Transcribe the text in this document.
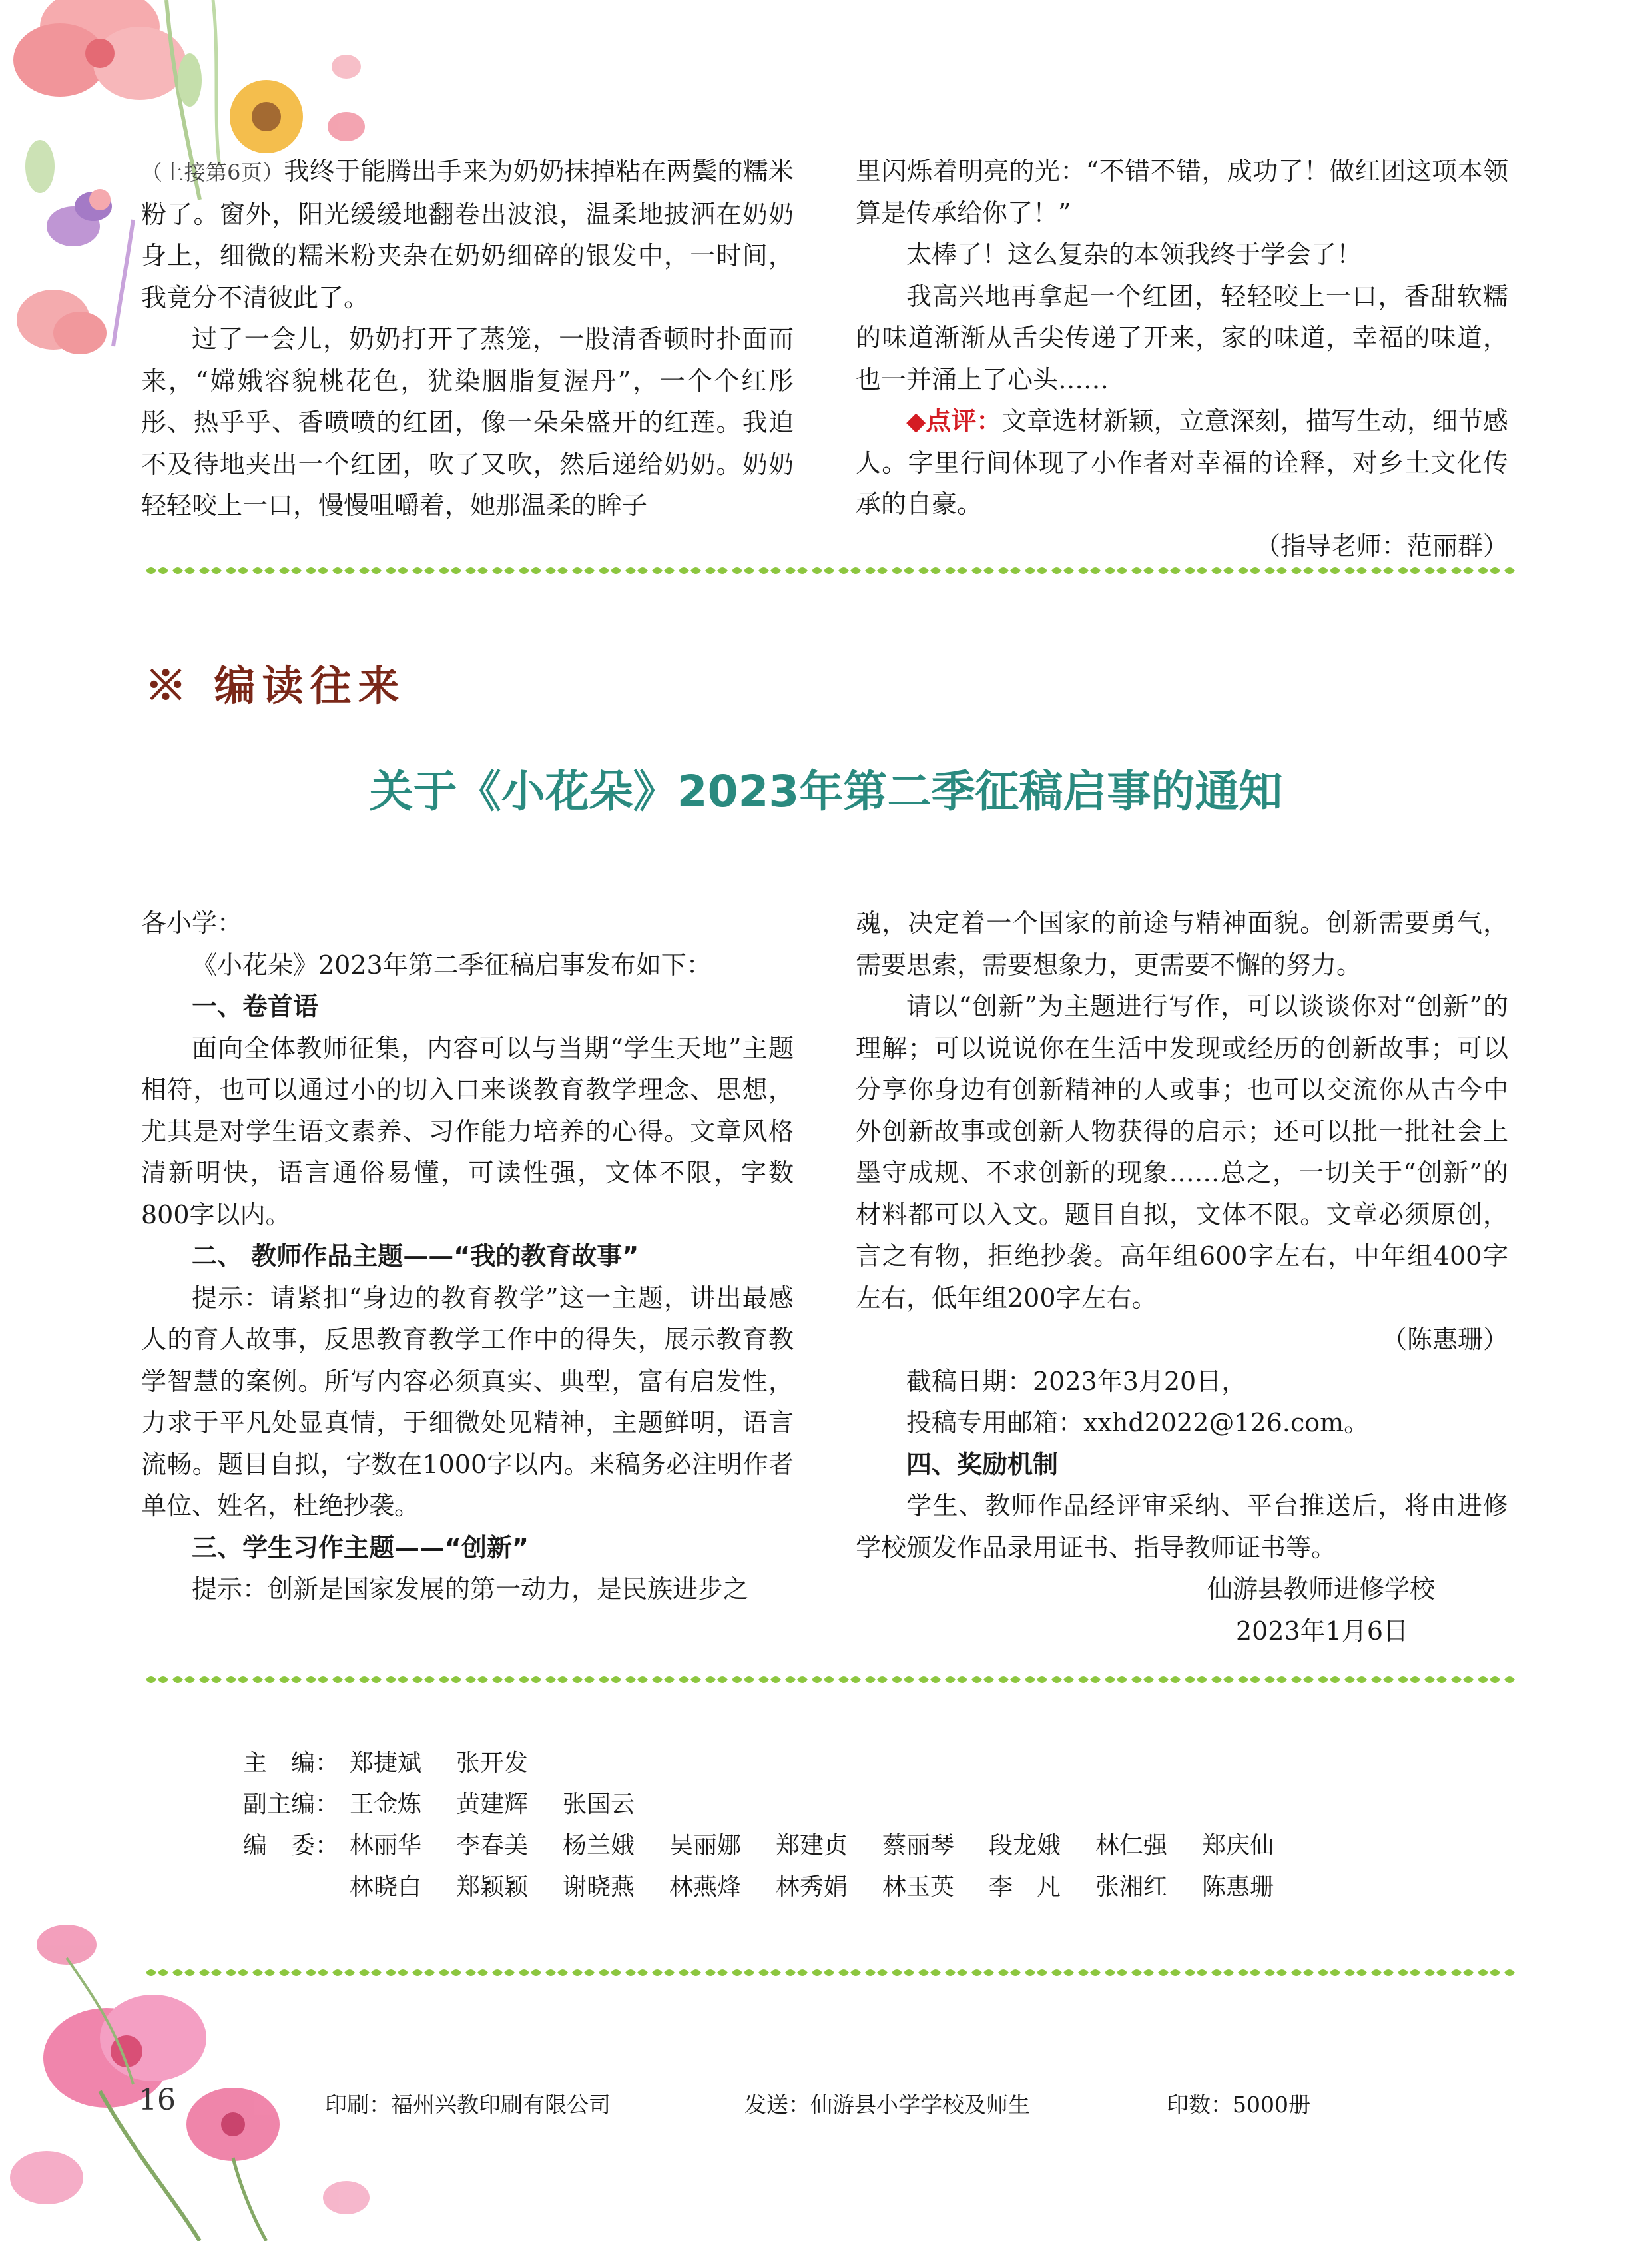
（上接第6页）我终于能腾出手来为奶奶抹掉粘在两鬓的糯米粉了。窗外，阳光缓缓地翻卷出波浪，温柔地披洒在奶奶身上，细微的糯米粉夹杂在奶奶细碎的银发中，一时间，我竟分不清彼此了。

过了一会儿，奶奶打开了蒸笼，一股清香顿时扑面而来，“嫦娥容貌桃花色，犹染胭脂复渥丹”，一个个红彤彤、热乎乎、香喷喷的红团，像一朵朵盛开的红莲。我迫不及待地夹出一个红团，吹了又吹，然后递给奶奶。奶奶轻轻咬上一口，慢慢咀嚼着，她那温柔的眸子

里闪烁着明亮的光：“不错不错，成功了！做红团这项本领算是传承给你了！”

太棒了！这么复杂的本领我终于学会了！

我高兴地再拿起一个红团，轻轻咬上一口，香甜软糯的味道渐渐从舌尖传递了开来，家的味道，幸福的味道，也一并涌上了心头……

◆点评：文章选材新颖，立意深刻，描写生动，细节感人。字里行间体现了小作者对幸福的诠释，对乡土文化传承的自豪。

（指导老师：范丽群）

※ 编读往来
关于《小花朵》2023年第二季征稿启事的通知

各小学：

《小花朵》2023年第二季征稿启事发布如下：

一、卷首语

面向全体教师征集，内容可以与当期“学生天地”主题相符，也可以通过小的切入口来谈教育教学理念、思想，尤其是对学生语文素养、习作能力培养的心得。文章风格清新明快，语言通俗易懂，可读性强，文体不限，字数800字以内。

二、 教师作品主题——“我的教育故事”

提示：请紧扣“身边的教育教学”这一主题，讲出最感人的育人故事，反思教育教学工作中的得失，展示教育教学智慧的案例。所写内容必须真实、典型，富有启发性，力求于平凡处显真情，于细微处见精神，主题鲜明，语言流畅。题目自拟，字数在1000字以内。来稿务必注明作者单位、姓名，杜绝抄袭。

三、学生习作主题——“创新”

提示：创新是国家发展的第一动力，是民族进步之

魂，决定着一个国家的前途与精神面貌。创新需要勇气，需要思索，需要想象力，更需要不懈的努力。

请以“创新”为主题进行写作，可以谈谈你对“创新”的理解；可以说说你在生活中发现或经历的创新故事；可以分享你身边有创新精神的人或事；也可以交流你从古今中外创新故事或创新人物获得的启示；还可以批一批社会上墨守成规、不求创新的现象……总之，一切关于“创新”的材料都可以入文。题目自拟，文体不限。文章必须原创，言之有物，拒绝抄袭。高年组600字左右，中年组400字左右，低年组200字左右。

（陈惠珊）

截稿日期：2023年3月20日，

投稿专用邮箱：xxhd2022@126.com。

四、奖励机制

学生、教师作品经评审采纳、平台推送后，将由进修学校颁发作品录用证书、指导教师证书等。

仙游县教师进修学校

2023年1月6日

主　编： 郑捷斌	张开发
副主编： 王金炼	黄建辉	张国云
编　委： 林丽华	李春美	杨兰娥	吴丽娜	郑建贞	蔡丽琴	段龙娥	林仁强	郑庆仙
林晓白	郑颖颖	谢晓燕	林燕烽	林秀娟	林玉英	李　凡	张湘红	陈惠珊
16	印刷：福州兴教印刷有限公司	发送：仙游县小学学校及师生	印数：5000册
